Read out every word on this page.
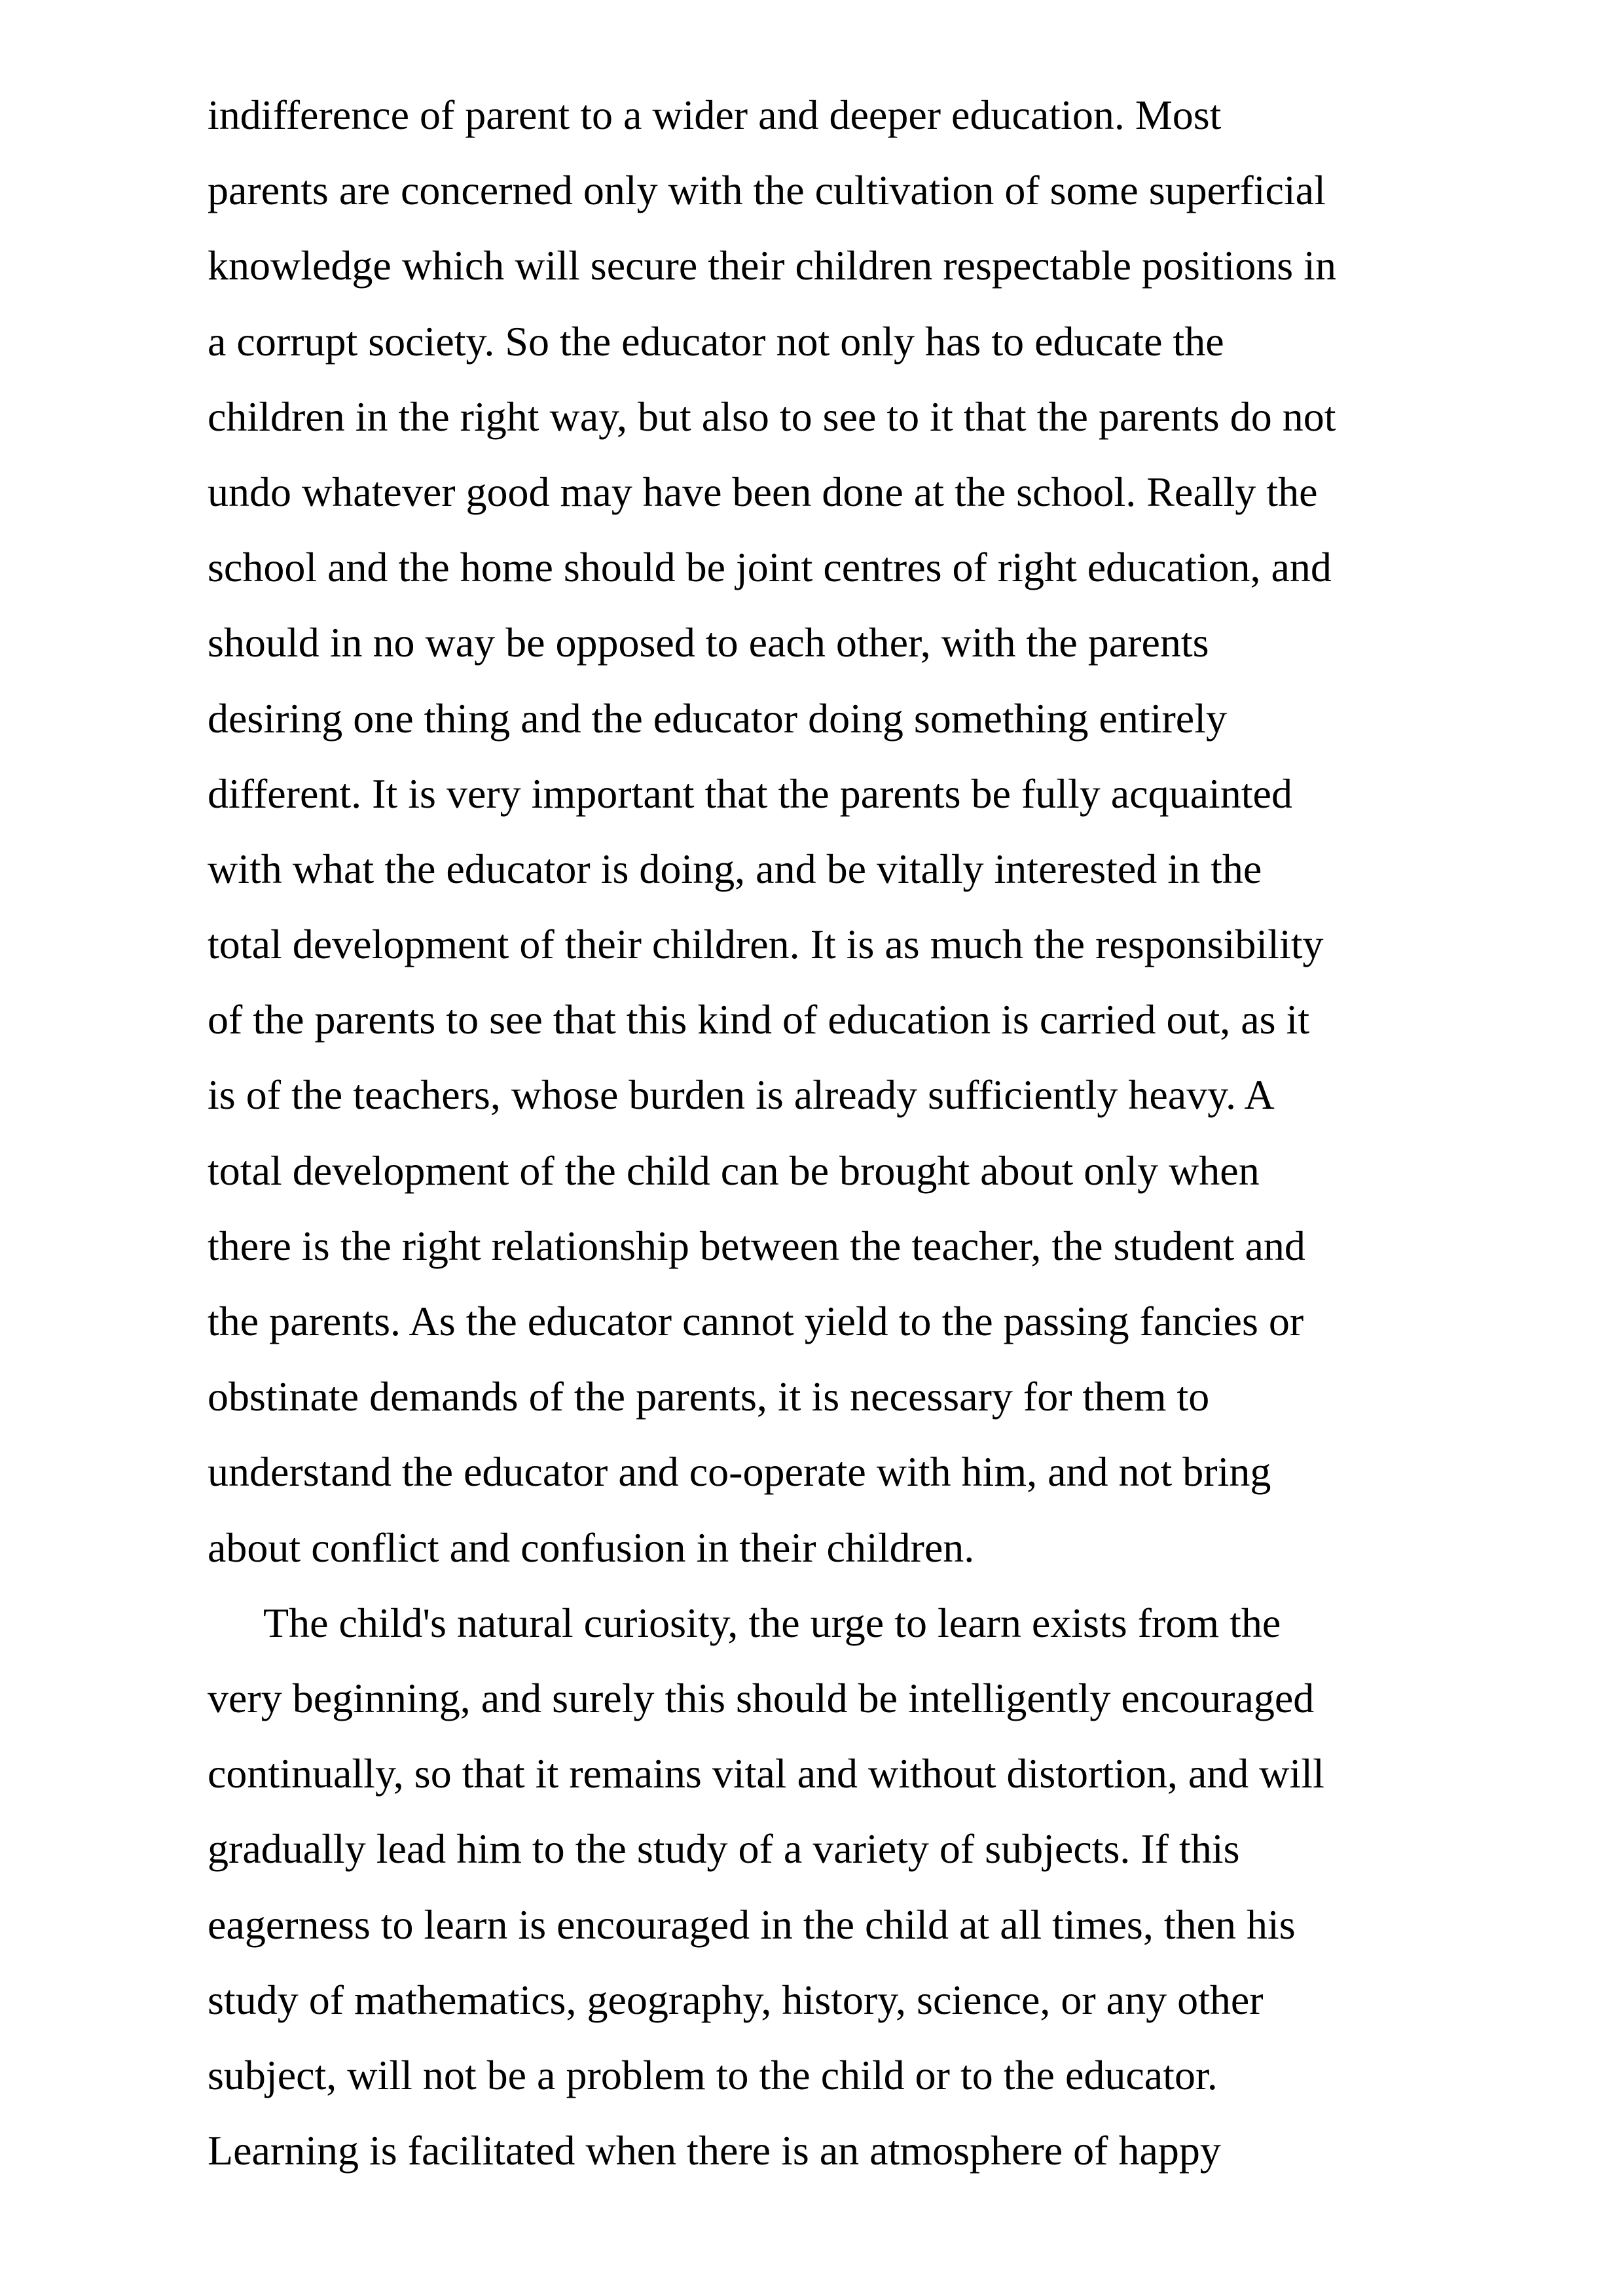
indifference of parent to a wider and deeper education. Most
parents are concerned only with the cultivation of some superficial
knowledge which will secure their children respectable positions in
a corrupt society. So the educator not only has to educate the
children in the right way, but also to see to it that the parents do not
undo whatever good may have been done at the school. Really the
school and the home should be joint centres of right education, and
should in no way be opposed to each other, with the parents
desiring one thing and the educator doing something entirely
different. It is very important that the parents be fully acquainted
with what the educator is doing, and be vitally interested in the
total development of their children. It is as much the responsibility
of the parents to see that this kind of education is carried out, as it
is of the teachers, whose burden is already sufficiently heavy. A
total development of the child can be brought about only when
there is the right relationship between the teacher, the student and
the parents. As the educator cannot yield to the passing fancies or
obstinate demands of the parents, it is necessary for them to
understand the educator and co-operate with him, and not bring
about conflict and confusion in their children.
The child's natural curiosity, the urge to learn exists from the
very beginning, and surely this should be intelligently encouraged
continually, so that it remains vital and without distortion, and will
gradually lead him to the study of a variety of subjects. If this
eagerness to learn is encouraged in the child at all times, then his
study of mathematics, geography, history, science, or any other
subject, will not be a problem to the child or to the educator.
Learning is facilitated when there is an atmosphere of happy
